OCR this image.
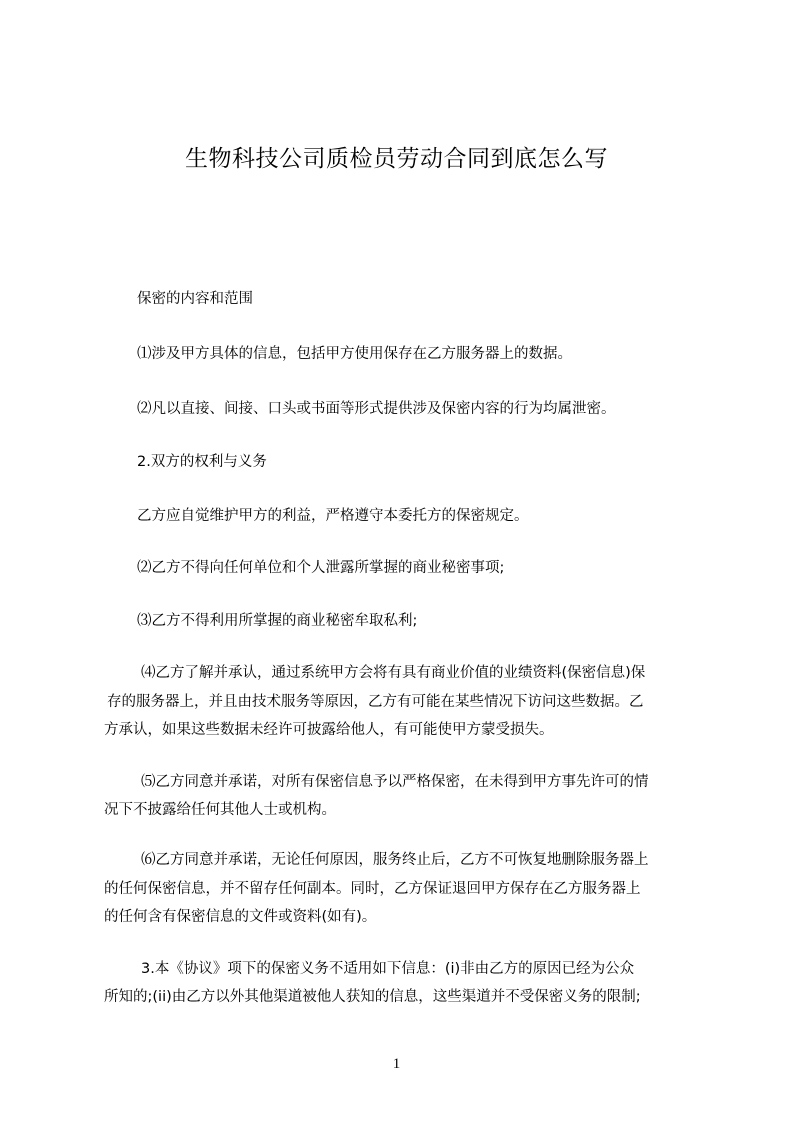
生物科技公司质检员劳动合同到底怎么写
保密的内容和范围
⑴涉及甲方具体的信息，包括甲方使用保存在乙方服务器上的数据。
⑵凡以直接、间接、口头或书面等形式提供涉及保密内容的行为均属泄密。
2.双方的权利与义务
乙方应自觉维护甲方的利益，严格遵守本委托方的保密规定。
⑵乙方不得向任何单位和个人泄露所掌握的商业秘密事项;
⑶乙方不得利用所掌握的商业秘密牟取私利;
⑷乙方了解并承认，通过系统甲方会将有具有商业价值的业绩资料(保密信息)保
存的服务器上，并且由技术服务等原因，乙方有可能在某些情况下访问这些数据。乙
方承认，如果这些数据未经许可披露给他人，有可能使甲方蒙受损失。
⑸乙方同意并承诺，对所有保密信息予以严格保密，在未得到甲方事先许可的情
况下不披露给任何其他人士或机构。
⑹乙方同意并承诺，无论任何原因，服务终止后，乙方不可恢复地删除服务器上
的任何保密信息，并不留存任何副本。同时，乙方保证退回甲方保存在乙方服务器上
的任何含有保密信息的文件或资料(如有)。
3.本《协议》项下的保密义务不适用如下信息：(i)非由乙方的原因已经为公众
所知的;(ii)由乙方以外其他渠道被他人获知的信息，这些渠道并不受保密义务的限制;
1
